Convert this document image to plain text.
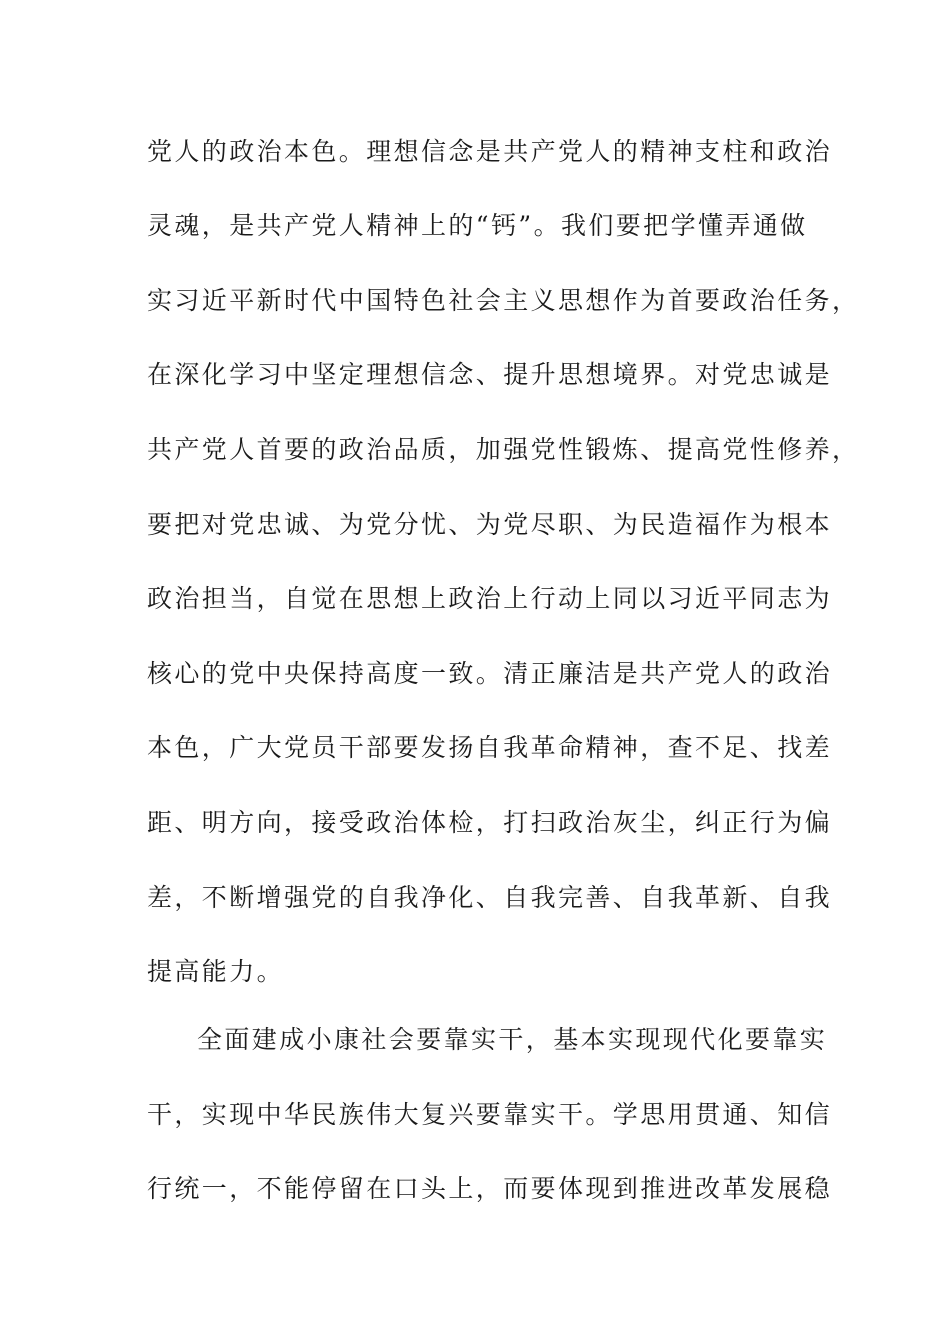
党人的政治本色。理想信念是共产党人的精神支柱和政治
灵魂，是共产党人精神上的“钙”。我们要把学懂弄通做
实习近平新时代中国特色社会主义思想作为首要政治任务，
在深化学习中坚定理想信念、提升思想境界。对党忠诚是
共产党人首要的政治品质，加强党性锻炼、提高党性修养，
要把对党忠诚、为党分忧、为党尽职、为民造福作为根本
政治担当，自觉在思想上政治上行动上同以习近平同志为
核心的党中央保持高度一致。清正廉洁是共产党人的政治
本色，广大党员干部要发扬自我革命精神，查不足、找差
距、明方向，接受政治体检，打扫政治灰尘，纠正行为偏
差，不断增强党的自我净化、自我完善、自我革新、自我
提高能力。
全面建成小康社会要靠实干，基本实现现代化要靠实
干，实现中华民族伟大复兴要靠实干。学思用贯通、知信
行统一，不能停留在口头上，而要体现到推进改革发展稳
